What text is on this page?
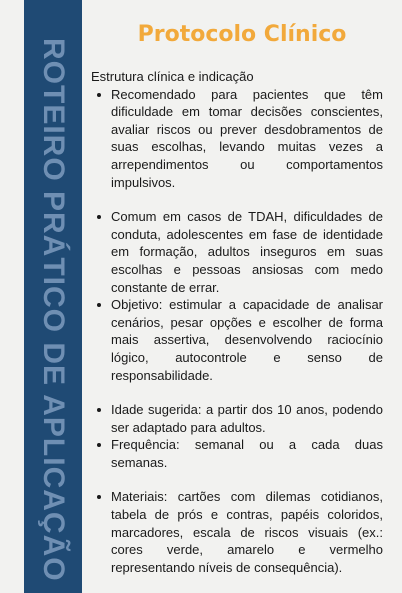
ROTEIRO PRÁTICO DE APLICAÇÃO
Protocolo Clínico

Estrutura clínica e indicação

Recomendado para pacientes que têm dificuldade em tomar decisões conscientes, avaliar riscos ou prever desdobramentos de suas escolhas, levando muitas vezes a arrependimentos ou comportamentos impulsivos.
Comum em casos de TDAH, dificuldades de conduta, adolescentes em fase de identidade em formação, adultos inseguros em suas escolhas e pessoas ansiosas com medo constante de errar.
Objetivo: estimular a capacidade de analisar cenários, pesar opções e escolher de forma mais assertiva, desenvolvendo raciocínio lógico, autocontrole e senso de responsabilidade.
Idade sugerida: a partir dos 10 anos, podendo ser adaptado para adultos.
Frequência: semanal ou a cada duas semanas.
Materiais: cartões com dilemas cotidianos, tabela de prós e contras, papéis coloridos, marcadores, escala de riscos visuais (ex.: cores verde, amarelo e vermelho representando níveis de consequência).
